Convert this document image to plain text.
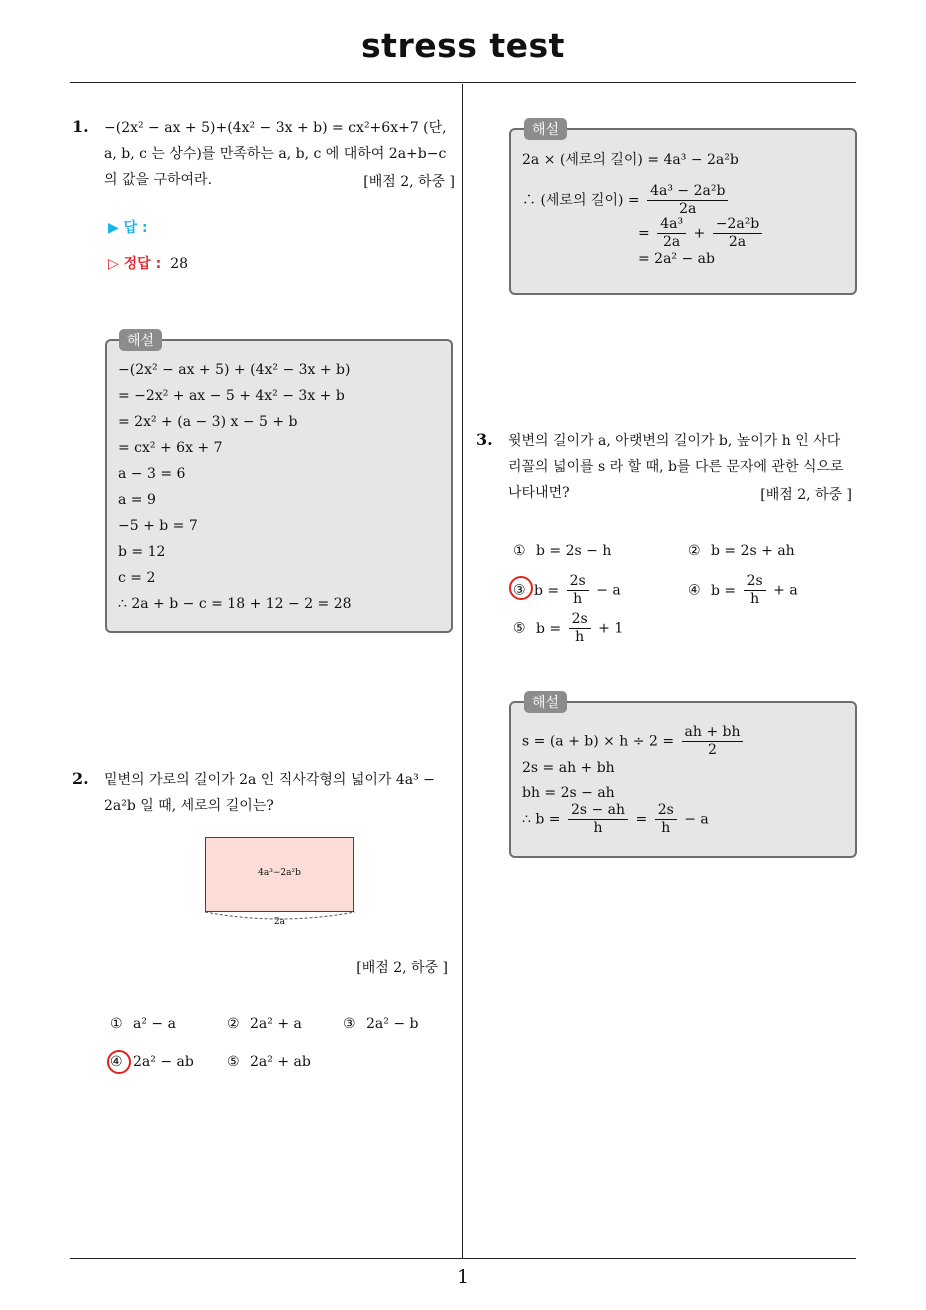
stress test
1
1. −(2x² − ax + 5)+(4x² − 3x + b) = cx²+6x+7 (단,
a, b, c 는 상수)를 만족하는 a, b, c 에 대하여 2a+b−c
의 값을 구하여라.	[배점 2, 하중 ]
▶ 답 :
▷ 정답 : 28
해설
−(2x² − ax + 5) + (4x² − 3x + b)
= −2x² + ax − 5 + 4x² − 3x + b
= 2x² + (a − 3) x − 5 + b
= cx² + 6x + 7
a − 3 = 6
a = 9
−5 + b = 7
b = 12
c = 2
∴ 2a + b − c = 18 + 12 − 2 = 28
2. 밑변의 가로의 길이가 2a 인 직사각형의 넓이가 4a³ −
2a²b 일 때, 세로의 길이는?
4a³−2a²b
2a
[배점 2, 하중 ]
① a² − a	② 2a² + a	③ 2a² − b
④ 2a² − ab ⑤ 2a² + ab
해설
2a × (세로의 길이) = 4a³ − 2a²b
∴ (세로의 길이) = $\frac{\text{4a³ − 2a²b}}{2a}$
= $\frac{\text{4a³}}{2a} + \frac{\text{−2a²b}}{2a}$
= 2a² − ab
3. 윗변의 길이가 a, 아랫변의 길이가 b, 높이가 h 인 사다
리꼴의 넓이를 s 라 할 때, b를 다른 문자에 관한 식으로
나타내면?	[배점 2, 하중 ]
① b = 2s − h	② b = 2s + ah
③ $b = \frac{2s}{h} - a$	④ $b = \frac{2s}{h} + a$
⑤ $b = \frac{2s}{h} + 1$
해설
$s = (a + b) \times h \div 2 = \frac{ah + bh}{2}$
2s = ah + bh
bh = 2s − ah
∴ $b = \frac{2s - ah}{h} = \frac{2s}{h} - a$
